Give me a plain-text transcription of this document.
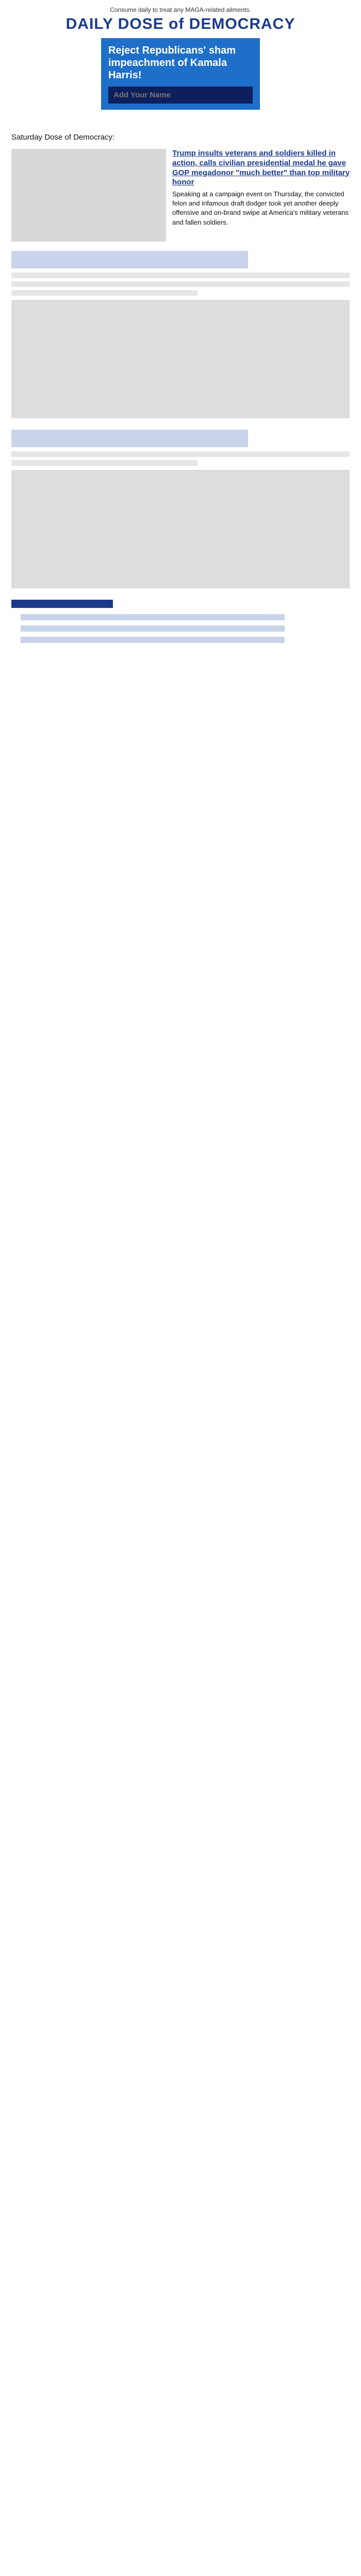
Consume daily to treat any MAGA-related ailments.
DAILY DOSE of DEMOCRACY
Reject Republicans' sham impeachment of Kamala Harris!
Add Your Name
Saturday Dose of Democracy:
Trump insults veterans and soldiers killed in action, calls civilian presidential medal he gave GOP megadonor "much better" than top military honor
Speaking at a campaign event on Thursday, the convicted felon and infamous draft dodger took yet another deeply offensive and on-brand swipe at America's military veterans and fallen soldiers.
